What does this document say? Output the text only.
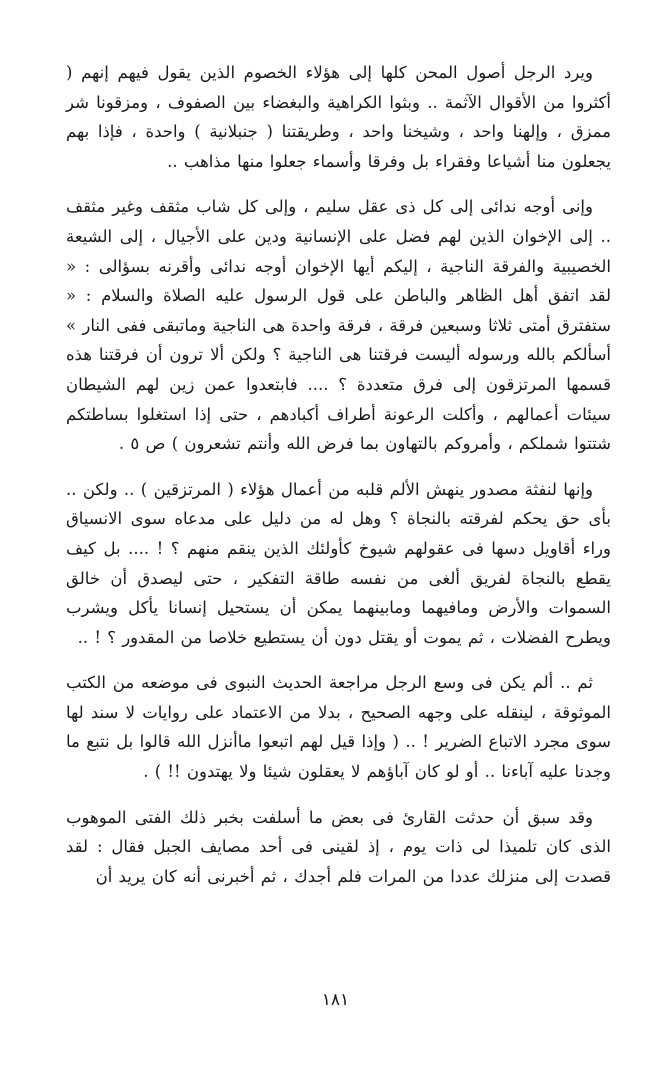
ويرد الرجل أصول المحن كلها إلى هؤلاء الخصوم الذين يقول فيهم إنهم ( أكثروا من الأقوال الآثمة .. وبثوا الكراهية والبغضاء بين الصفوف ، ومزقونا شر ممزق ، وإلهنا واحد ، وشيخنا واحد ، وطريقتنا ( جنبلانية ) واحدة ، فإذا بهم يجعلون منا أشياعا وفقراء بل وفرقا وأسماء جعلوا منها مذاهب ..

وإنى أوجه ندائى إلى كل ذى عقل سليم ، وإلى كل شاب مثقف وغير مثقف .. إلى الإخوان الذين لهم فضل على الإنسانية ودين على الأجيال ، إلى الشيعة الخصيبية والفرقة الناجية ، إليكم أيها الإخوان أوجه ندائى وأقرنه بسؤالى : « لقد اتفق أهل الظاهر والباطن على قول الرسول عليه الصلاة والسلام : « ستفترق أمتى ثلاثا وسبعين فرقة ، فرقة واحدة هى الناجية وماتبقى ففى النار » أسألكم بالله ورسوله أليست فرقتنا هى الناجية ؟ ولكن ألا ترون أن فرقتنا هذه قسمها المرتزقون إلى فرق متعددة ؟ .... فابتعدوا عمن زين لهم الشيطان سيئات أعمالهم ، وأكلت الرعونة أطراف أكبادهم ، حتى إذا استغلوا بساطتكم شتتوا شملكم ، وأمروكم بالتهاون بما فرض الله وأنتم تشعرون ) ص ٥ .

وإنها لنفثة مصدور ينهش الألم قلبه من أعمال هؤلاء ( المرتزقين ) .. ولكن .. بأى حق يحكم لفرقته بالنجاة ؟ وهل له من دليل على مدعاه سوى الانسياق وراء أقاويل دسها فى عقولهم شيوخ كأولئك الذين ينقم منهم ؟ ! .... بل كيف يقطع بالنجاة لفريق ألغى من نفسه طاقة التفكير ، حتى ليصدق أن خالق السموات والأرض ومافيهما ومابينهما يمكن أن يستحيل إنسانا يأكل ويشرب ويطرح الفضلات ، ثم يموت أو يقتل دون أن يستطيع خلاصا من المقدور ؟ ! ..

ثم .. ألم يكن فى وسع الرجل مراجعة الحديث النبوى فى موضعه من الكتب الموثوقة ، لينقله على وجهه الصحيح ، بدلا من الاعتماد على روايات لا سند لها سوى مجرد الاتباع الضرير ! .. ( وإذا قيل لهم اتبعوا ماأنزل الله قالوا بل نتبع ما وجدنا عليه آباءنا .. أو لو كان آباؤهم لا يعقلون شيئا ولا يهتدون !! ) .

وقد سبق أن حدثت القارئ فى بعض ما أسلفت بخبر ذلك الفتى الموهوب الذى كان تلميذا لى ذات يوم ، إذ لقينى فى أحد مصايف الجبل فقال : لقد قصدت إلى منزلك عددا من المرات فلم أجدك ، ثم أخبرنى أنه كان يريد أن

١٨١
